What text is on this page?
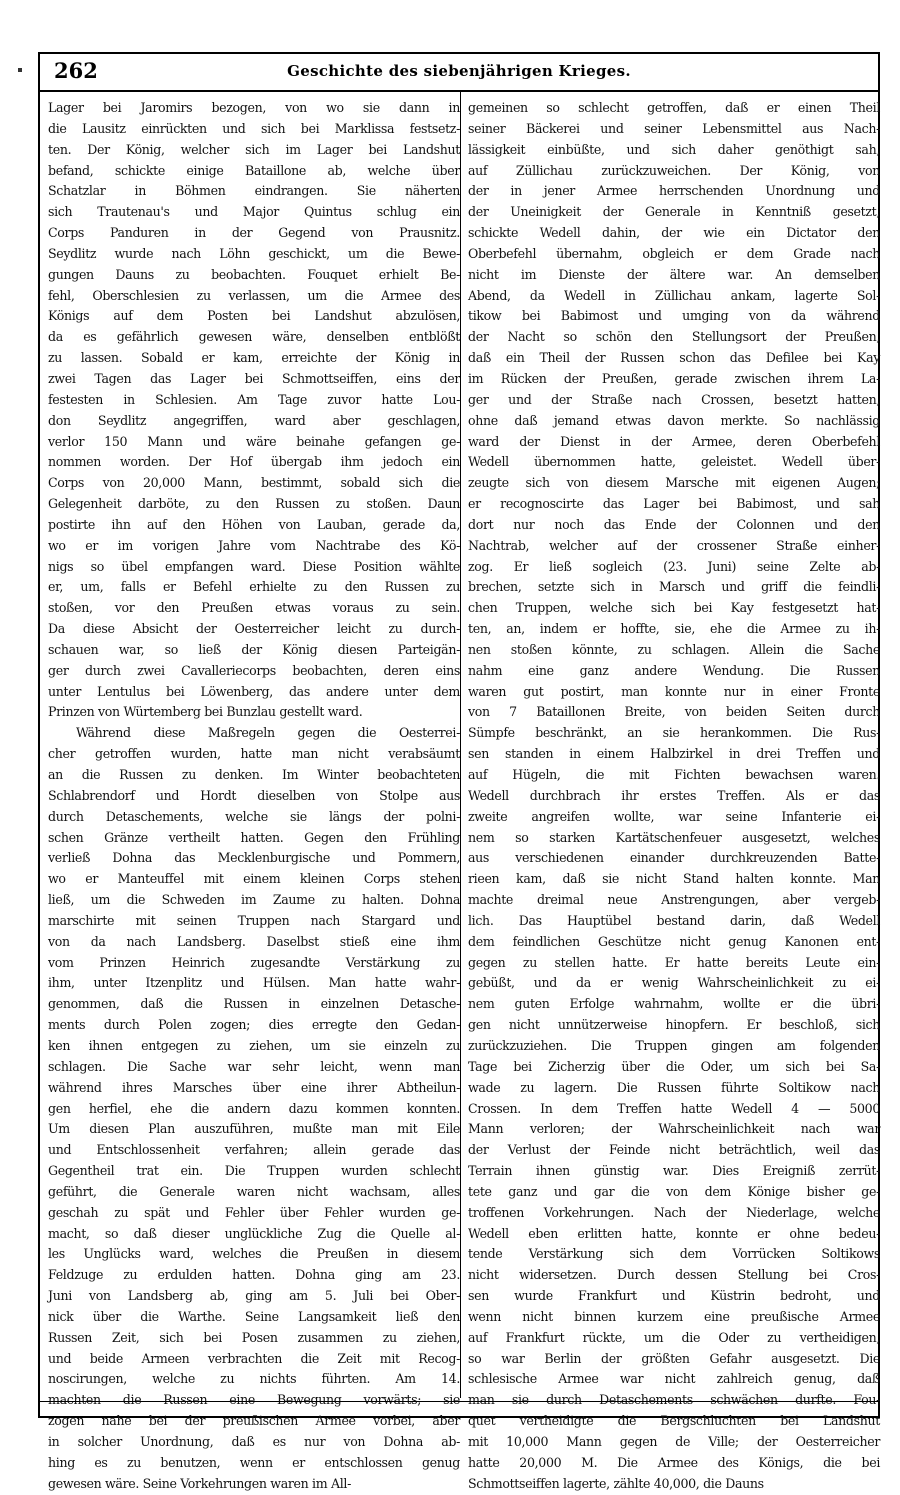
262	Geschichte des siebenjährigen Krieges.
Lager bei Jaromirs bezogen, von wo sie dann in
die Lausitz einrückten und sich bei Marklissa festsetz-
ten. Der König, welcher sich im Lager bei Landshut
befand, schickte einige Bataillone ab, welche über
Schatzlar in Böhmen eindrangen. Sie näherten
sich Trautenau's und Major Quintus schlug ein
Corps Panduren in der Gegend von Prausnitz.
Seydlitz wurde nach Löhn geschickt, um die Bewe-
gungen Dauns zu beobachten. Fouquet erhielt Be-
fehl, Oberschlesien zu verlassen, um die Armee des
Königs auf dem Posten bei Landshut abzulösen,
da es gefährlich gewesen wäre, denselben entblößt
zu lassen. Sobald er kam, erreichte der König in
zwei Tagen das Lager bei Schmottseiffen, eins der
festesten in Schlesien. Am Tage zuvor hatte Lou-
don Seydlitz angegriffen, ward aber geschlagen,
verlor 150 Mann und wäre beinahe gefangen ge-
nommen worden. Der Hof übergab ihm jedoch ein
Corps von 20,000 Mann, bestimmt, sobald sich die
Gelegenheit darböte, zu den Russen zu stoßen. Daun
postirte ihn auf den Höhen von Lauban, gerade da,
wo er im vorigen Jahre vom Nachtrabe des Kö-
nigs so übel empfangen ward. Diese Position wählte
er, um, falls er Befehl erhielte zu den Russen zu
stoßen, vor den Preußen etwas voraus zu sein.
Da diese Absicht der Oesterreicher leicht zu durch-
schauen war, so ließ der König diesen Parteigän-
ger durch zwei Cavalleriecorps beobachten, deren eins
unter Lentulus bei Löwenberg, das andere unter dem
Prinzen von Würtemberg bei Bunzlau gestellt ward.
Während diese Maßregeln gegen die Oesterrei-
cher getroffen wurden, hatte man nicht verabsäumt
an die Russen zu denken. Im Winter beobachteten
Schlabrendorf und Hordt dieselben von Stolpe aus
durch Detaschements, welche sie längs der polni-
schen Gränze vertheilt hatten. Gegen den Frühling
verließ Dohna das Mecklenburgische und Pommern,
wo er Manteuffel mit einem kleinen Corps stehen
ließ, um die Schweden im Zaume zu halten. Dohna
marschirte mit seinen Truppen nach Stargard und
von da nach Landsberg. Daselbst stieß eine ihm
vom Prinzen Heinrich zugesandte Verstärkung zu
ihm, unter Itzenplitz und Hülsen. Man hatte wahr-
genommen, daß die Russen in einzelnen Detasche-
ments durch Polen zogen; dies erregte den Gedan-
ken ihnen entgegen zu ziehen, um sie einzeln zu
schlagen. Die Sache war sehr leicht, wenn man
während ihres Marsches über eine ihrer Abtheilun-
gen herfiel, ehe die andern dazu kommen konnten.
Um diesen Plan auszuführen, mußte man mit Eile
und Entschlossenheit verfahren; allein gerade das
Gegentheil trat ein. Die Truppen wurden schlecht
geführt, die Generale waren nicht wachsam, alles
geschah zu spät und Fehler über Fehler wurden ge-
macht, so daß dieser unglückliche Zug die Quelle al-
les Unglücks ward, welches die Preußen in diesem
Feldzuge zu erdulden hatten. Dohna ging am 23.
Juni von Landsberg ab, ging am 5. Juli bei Ober-
nick über die Warthe. Seine Langsamkeit ließ den
Russen Zeit, sich bei Posen zusammen zu ziehen,
und beide Armeen verbrachten die Zeit mit Recog-
noscirungen, welche zu nichts führten. Am 14.
machten die Russen eine Bewegung vorwärts; sie
zogen nahe bei der preußischen Armee vorbei, aber
in solcher Unordnung, daß es nur von Dohna ab-
hing es zu benutzen, wenn er entschlossen genug
gewesen wäre. Seine Vorkehrungen waren im All-
gemeinen so schlecht getroffen, daß er einen Theil
seiner Bäckerei und seiner Lebensmittel aus Nach-
lässigkeit einbüßte, und sich daher genöthigt sah,
auf Züllichau zurückzuweichen. Der König, von
der in jener Armee herrschenden Unordnung und
der Uneinigkeit der Generale in Kenntniß gesetzt,
schickte Wedell dahin, der wie ein Dictator den
Oberbefehl übernahm, obgleich er dem Grade nach
nicht im Dienste der ältere war. An demselben
Abend, da Wedell in Züllichau ankam, lagerte Sol-
tikow bei Babimost und umging von da während
der Nacht so schön den Stellungsort der Preußen,
daß ein Theil der Russen schon das Defilee bei Kay
im Rücken der Preußen, gerade zwischen ihrem La-
ger und der Straße nach Crossen, besetzt hatten,
ohne daß jemand etwas davon merkte. So nachlässig
ward der Dienst in der Armee, deren Oberbefehl
Wedell übernommen hatte, geleistet. Wedell über-
zeugte sich von diesem Marsche mit eigenen Augen;
er recognoscirte das Lager bei Babimost, und sah
dort nur noch das Ende der Colonnen und den
Nachtrab, welcher auf der crossener Straße einher-
zog. Er ließ sogleich (23. Juni) seine Zelte ab-
brechen, setzte sich in Marsch und griff die feindli-
chen Truppen, welche sich bei Kay festgesetzt hat-
ten, an, indem er hoffte, sie, ehe die Armee zu ih-
nen stoßen könnte, zu schlagen. Allein die Sache
nahm eine ganz andere Wendung. Die Russen
waren gut postirt, man konnte nur in einer Fronte
von 7 Bataillonen Breite, von beiden Seiten durch
Sümpfe beschränkt, an sie herankommen. Die Rus-
sen standen in einem Halbzirkel in drei Treffen und
auf Hügeln, die mit Fichten bewachsen waren.
Wedell durchbrach ihr erstes Treffen. Als er das
zweite angreifen wollte, war seine Infanterie ei-
nem so starken Kartätschenfeuer ausgesetzt, welches
aus verschiedenen einander durchkreuzenden Batte-
rieen kam, daß sie nicht Stand halten konnte. Man
machte dreimal neue Anstrengungen, aber vergeb-
lich. Das Hauptübel bestand darin, daß Wedell
dem feindlichen Geschütze nicht genug Kanonen ent-
gegen zu stellen hatte. Er hatte bereits Leute ein-
gebüßt, und da er wenig Wahrscheinlichkeit zu ei-
nem guten Erfolge wahrnahm, wollte er die übri-
gen nicht unnützerweise hinopfern. Er beschloß, sich
zurückzuziehen. Die Truppen gingen am folgenden
Tage bei Zicherzig über die Oder, um sich bei Sa-
wade zu lagern. Die Russen führte Soltikow nach
Crossen. In dem Treffen hatte Wedell 4 — 5000
Mann verloren; der Wahrscheinlichkeit nach war
der Verlust der Feinde nicht beträchtlich, weil das
Terrain ihnen günstig war. Dies Ereigniß zerrüt-
tete ganz und gar die von dem Könige bisher ge-
troffenen Vorkehrungen. Nach der Niederlage, welche
Wedell eben erlitten hatte, konnte er ohne bedeu-
tende Verstärkung sich dem Vorrücken Soltikows
nicht widersetzen. Durch dessen Stellung bei Cros-
sen wurde Frankfurt und Küstrin bedroht, und
wenn nicht binnen kurzem eine preußische Armee
auf Frankfurt rückte, um die Oder zu vertheidigen,
so war Berlin der größten Gefahr ausgesetzt. Die
schlesische Armee war nicht zahlreich genug, daß
man sie durch Detaschements schwächen durfte. Fou-
quet vertheidigte die Bergschluchten bei Landshut
mit 10,000 Mann gegen de Ville; der Oesterreicher
hatte 20,000 M. Die Armee des Königs, die bei
Schmottseiffen lagerte, zählte 40,000, die Dauns
